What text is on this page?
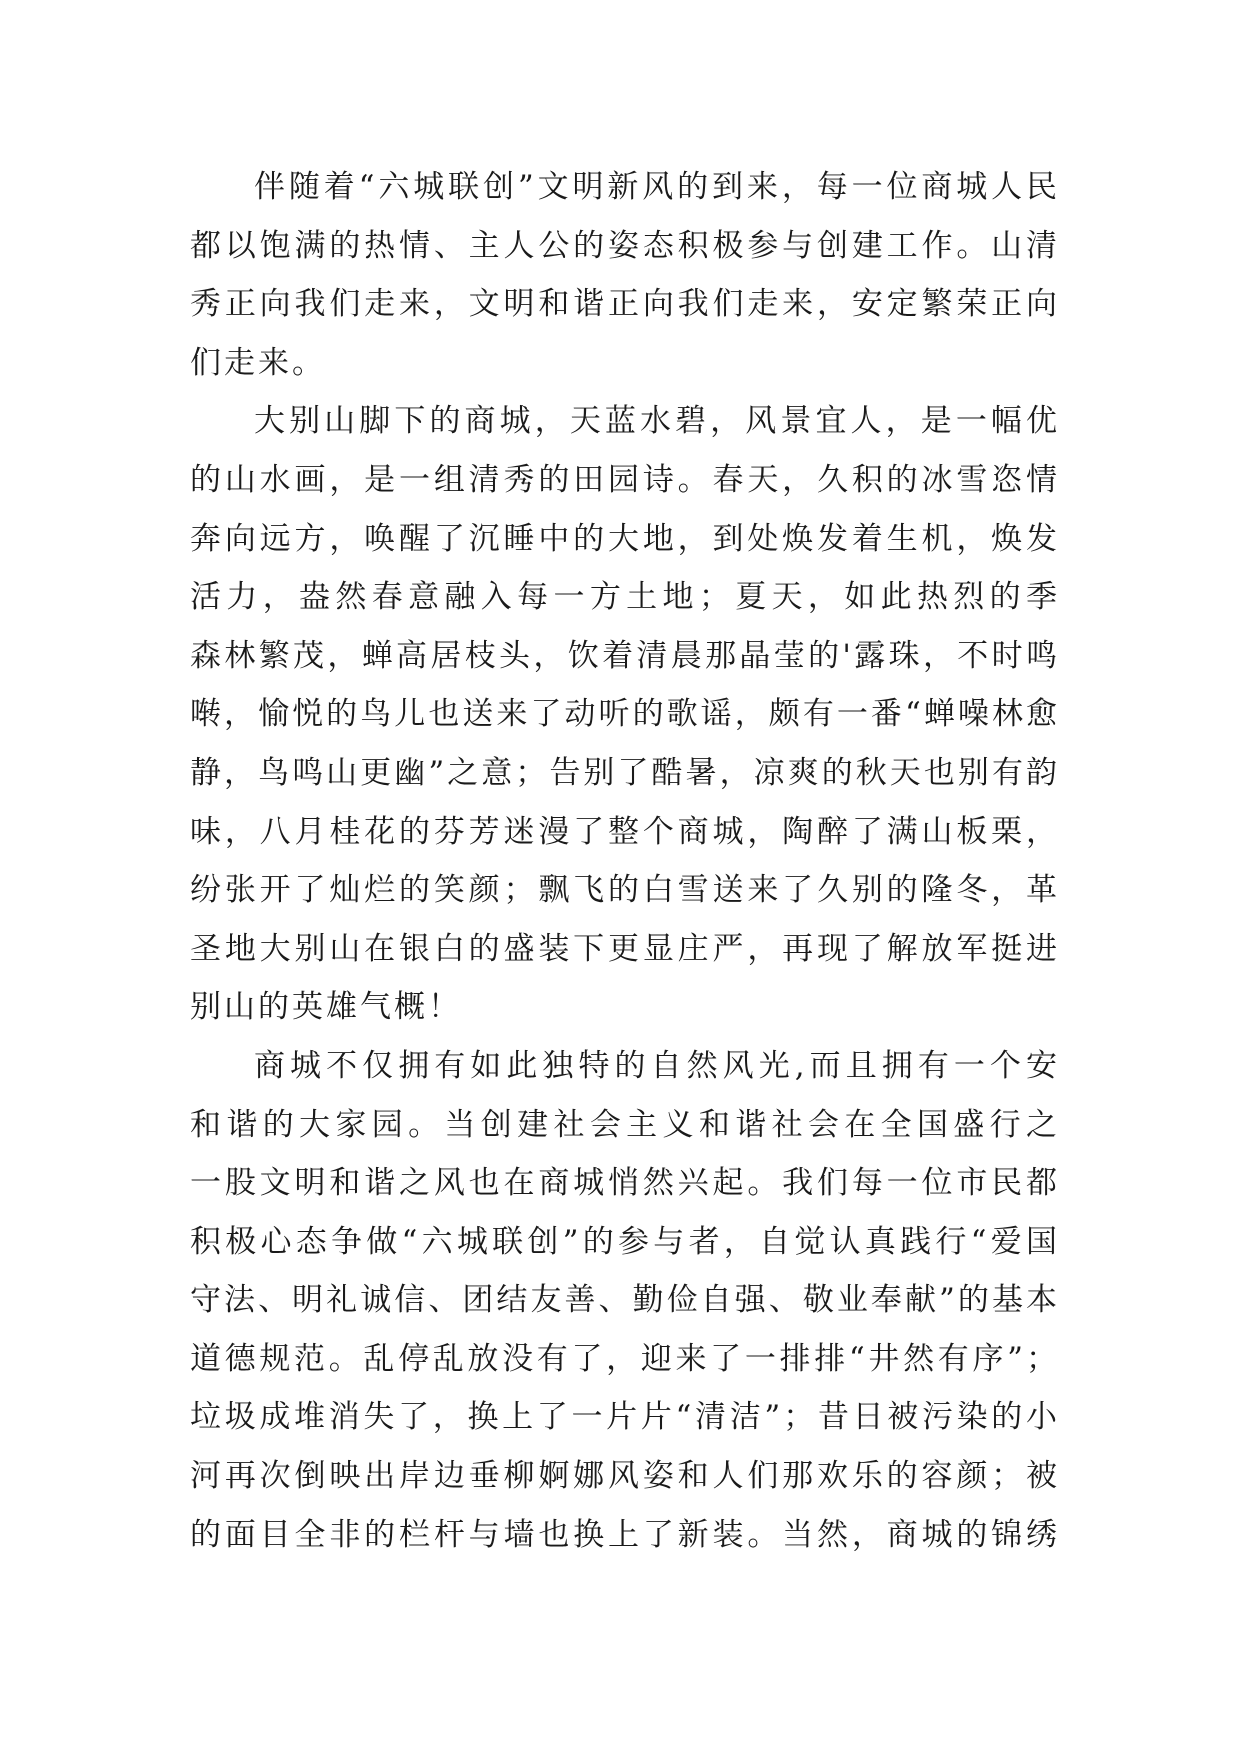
伴随着“六城联创”文明新风的到来，每一位商城人民
都以饱满的热情、主人公的姿态积极参与创建工作。山清
秀正向我们走来，文明和谐正向我们走来，安定繁荣正向
们走来。
大别山脚下的商城，天蓝水碧，风景宜人，是一幅优
的山水画，是一组清秀的田园诗。春天，久积的冰雪恣情
奔向远方，唤醒了沉睡中的大地，到处焕发着生机，焕发
活力，盎然春意融入每一方土地；夏天，如此热烈的季
森林繁茂，蝉高居枝头，饮着清晨那晶莹的'露珠，不时鸣
啭，愉悦的鸟儿也送来了动听的歌谣，颇有一番“蝉噪林愈
静，鸟鸣山更幽”之意；告别了酷暑，凉爽的秋天也别有韵
味，八月桂花的芬芳迷漫了整个商城，陶醉了满山板栗，
纷张开了灿烂的笑颜；飘飞的白雪送来了久别的隆冬，革
圣地大别山在银白的盛装下更显庄严，再现了解放军挺进
别山的英雄气概！
商城不仅拥有如此独特的自然风光,而且拥有一个安
和谐的大家园。当创建社会主义和谐社会在全国盛行之
一股文明和谐之风也在商城悄然兴起。我们每一位市民都
积极心态争做“六城联创”的参与者，自觉认真践行“爱国
守法、明礼诚信、团结友善、勤俭自强、敬业奉献”的基本
道德规范。乱停乱放没有了，迎来了一排排“井然有序”；
垃圾成堆消失了，换上了一片片“清洁”；昔日被污染的小
河再次倒映出岸边垂柳婀娜风姿和人们那欢乐的容颜；被
的面目全非的栏杆与墙也换上了新装。当然，商城的锦绣
